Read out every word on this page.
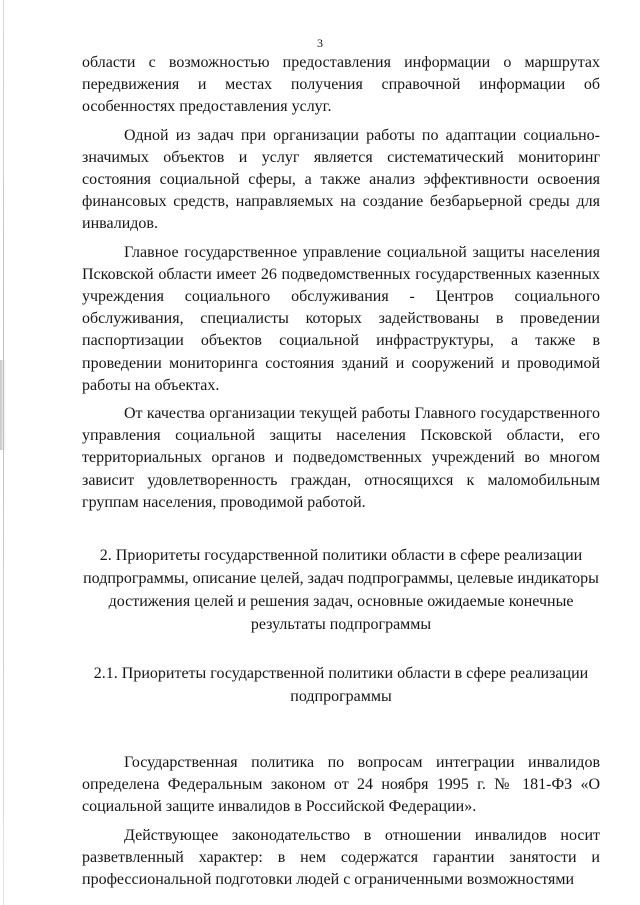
3

области с возможностью предоставления информации о маршрутах передвижения и местах получения справочной информации об особенностях предоставления услуг.

Одной из задач при организации работы по адаптации социально-значимых объектов и услуг является систематический мониторинг состояния социальной сферы, а также анализ эффективности освоения финансовых средств, направляемых на создание безбарьерной среды для инвалидов.

Главное государственное управление социальной защиты населения Псковской области имеет 26 подведомственных государственных казенных учреждения социального обслуживания - Центров социального обслуживания, специалисты которых задействованы в проведении паспортизации объектов социальной инфраструктуры, а также в проведении мониторинга состояния зданий и сооружений и проводимой работы на объектах.

От качества организации текущей работы Главного государственного управления социальной защиты населения Псковской области, его территориальных органов и подведомственных учреждений во многом зависит удовлетворенность граждан, относящихся к маломобильным группам населения, проводимой работой.

2. Приоритеты государственной политики области в сфере реализации подпрограммы, описание целей, задач подпрограммы, целевые индикаторы достижения целей и решения задач, основные ожидаемые конечные результаты подпрограммы
2.1. Приоритеты государственной политики области в сфере реализации подпрограммы

Государственная политика по вопросам интеграции инвалидов определена Федеральным законом от 24 ноября 1995 г. № 181-ФЗ «О социальной защите инвалидов в Российской Федерации».

Действующее законодательство в отношении инвалидов носит разветвленный характер: в нем содержатся гарантии занятости и профессиональной подготовки людей с ограниченными возможностями
